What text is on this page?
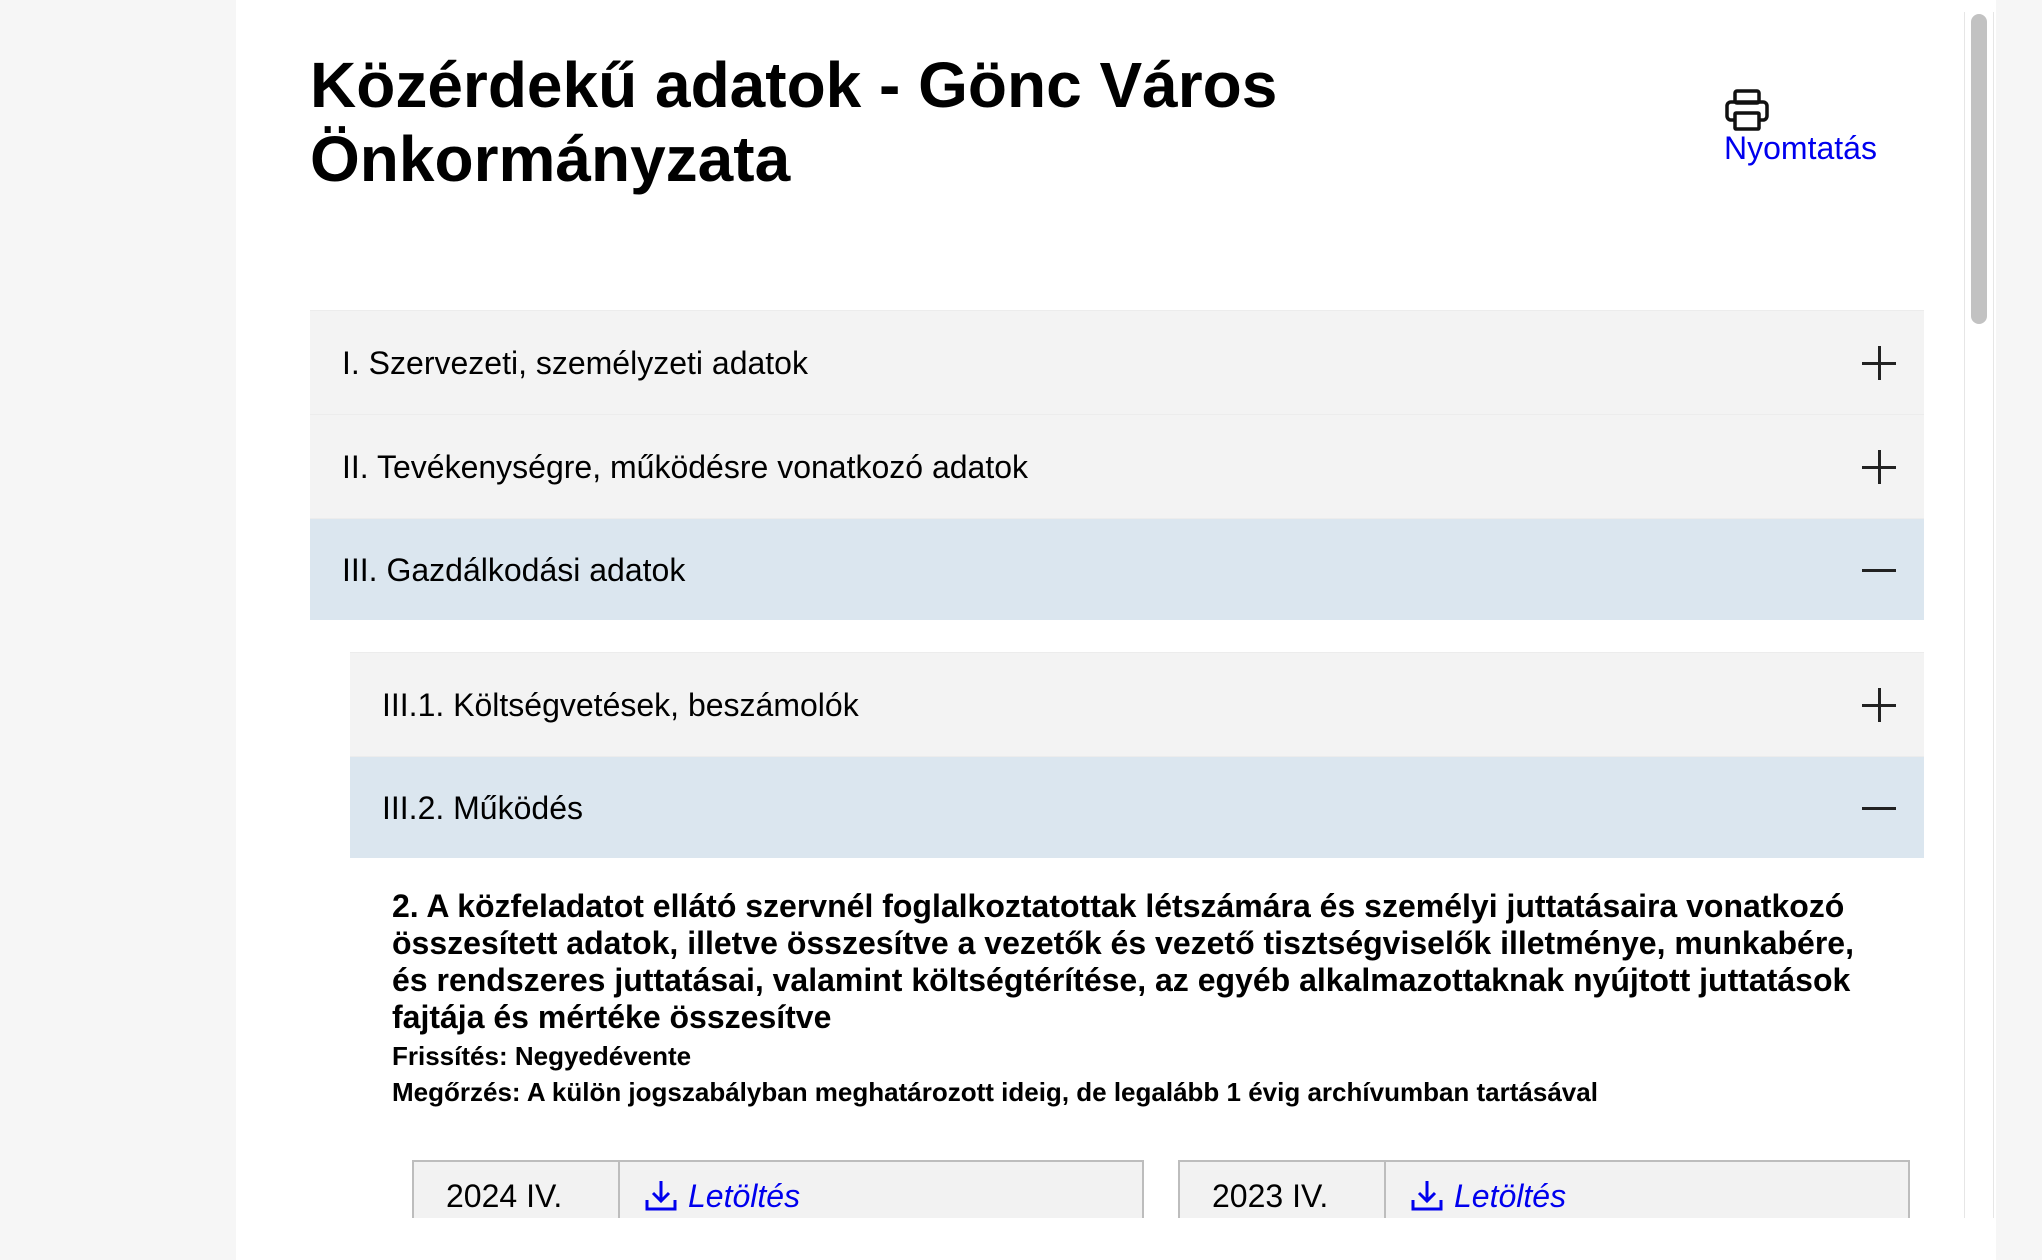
Közérdekű adatok - Gönc Város Önkormányzata	Nyomtatás
I. Szervezeti, személyzeti adatok
II. Tevékenységre, működésre vonatkozó adatok
III. Gazdálkodási adatok
III.1. Költségvetések, beszámolók
III.2. Működés
2. A közfeladatot ellátó szervnél foglalkoztatottak létszámára és személyi juttatásaira vonatkozó összesített adatok, illetve összesítve a vezetők és vezető tisztségviselők illetménye, munkabére, és rendszeres juttatásai, valamint költségtérítése, az egyéb alkalmazottaknak nyújtott juttatások fajtája és mértéke összesítve
Frissítés: Negyedévente
Megőrzés: A külön jogszabályban meghatározott ideig, de legalább 1 évig archívumban tartásával
2024 IV.	Letöltés	2023 IV.	Letöltés
